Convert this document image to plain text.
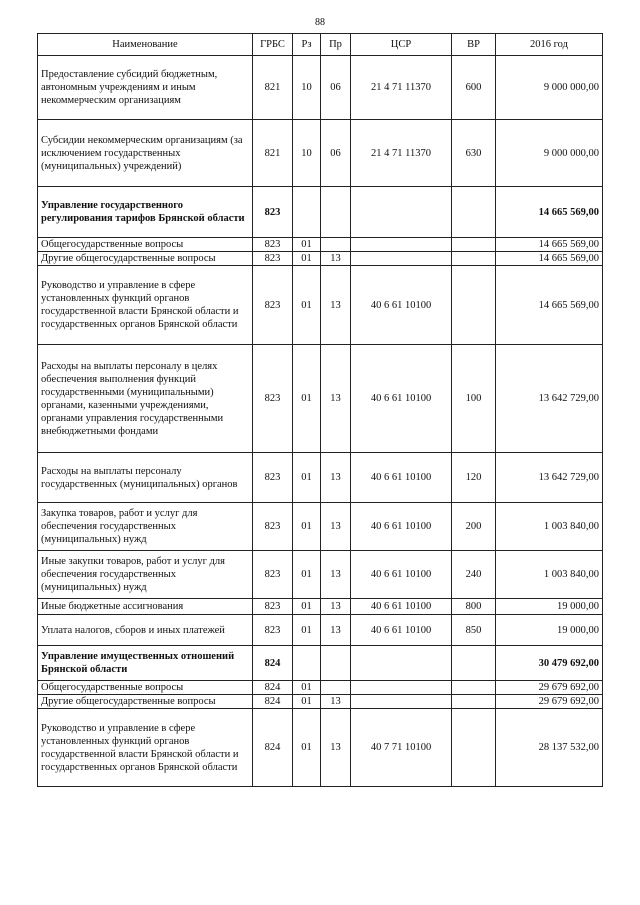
88
Наименование	ГРБС	Рз	Пр	ЦСР	ВР	2016 год
Предоставление субсидий бюджетным, автономным учреждениям и иным некоммерческим организациям	821	10	06	21 4 71 11370	600	9 000 000,00
Субсидии некоммерческим организациям (за исключением государственных (муниципальных) учреждений)	821	10	06	21 4 71 11370	630	9 000 000,00
Управление государственного регулирования тарифов Брянской области	823					14 665 569,00
Общегосударственные вопросы	823	01				14 665 569,00
Другие общегосударственные вопросы	823	01	13			14 665 569,00
Руководство и управление в сфере установленных функций органов государственной власти Брянской области и государственных органов Брянской области	823	01	13	40 6 61 10100		14 665 569,00
Расходы на выплаты персоналу в целях обеспечения выполнения функций государственными (муниципальными) органами, казенными учреждениями, органами управления государственными внебюджетными фондами	823	01	13	40 6 61 10100	100	13 642 729,00
Расходы на выплаты персоналу государственных (муниципальных) органов	823	01	13	40 6 61 10100	120	13 642 729,00
Закупка товаров, работ и услуг для обеспечения государственных (муниципальных) нужд	823	01	13	40 6 61 10100	200	1 003 840,00
Иные закупки товаров, работ и услуг для обеспечения государственных (муниципальных) нужд	823	01	13	40 6 61 10100	240	1 003 840,00
Иные бюджетные ассигнования	823	01	13	40 6 61 10100	800	19 000,00
Уплата налогов, сборов и иных платежей	823	01	13	40 6 61 10100	850	19 000,00
Управление имущественных отношений Брянской области	824					30 479 692,00
Общегосударственные вопросы	824	01				29 679 692,00
Другие общегосударственные вопросы	824	01	13			29 679 692,00
Руководство и управление в сфере установленных функций органов государственной власти Брянской области и государственных органов Брянской области	824	01	13	40 7 71 10100		28 137 532,00
